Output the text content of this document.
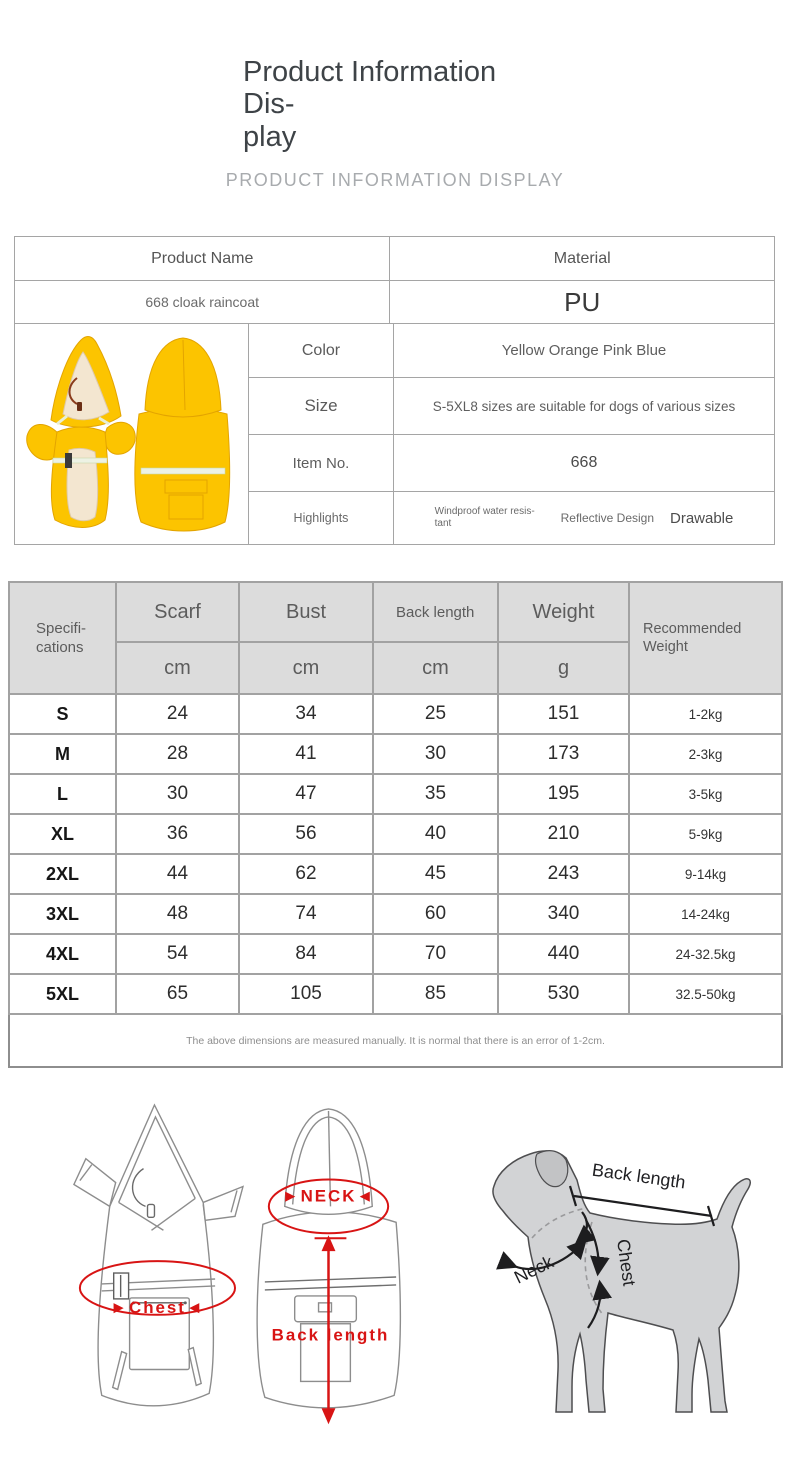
Product Information Dis-
play
PRODUCT INFORMATION DISPLAY
Product Name	Material
668 cloak raincoat	PU
	Color	Yellow Orange Pink Blue
	Size	S-5XL8 sizes are suitable for dogs of various sizes
	Item No.	668
	Highlights	Windproof water resis-tant Reflective Design Drawable
Specifi-cations	Scarf	Bust	Back length	Weight	Recommended Weight
	cm	cm	cm	g	
S	24	34	25	151	1-2kg
M	28	41	30	173	2-3kg
L	30	47	35	195	3-5kg
XL	36	56	40	210	5-9kg
2XL	44	62	45	243	9-14kg
3XL	48	74	60	340	14-24kg
4XL	54	84	70	440	24-32.5kg
5XL	65	105	85	530	32.5-50kg
The above dimensions are measured manually. It is normal that there is an error of 1-2cm.					
►Chest◄
►NECK◄
Back length
Back length
Neck	Chest
